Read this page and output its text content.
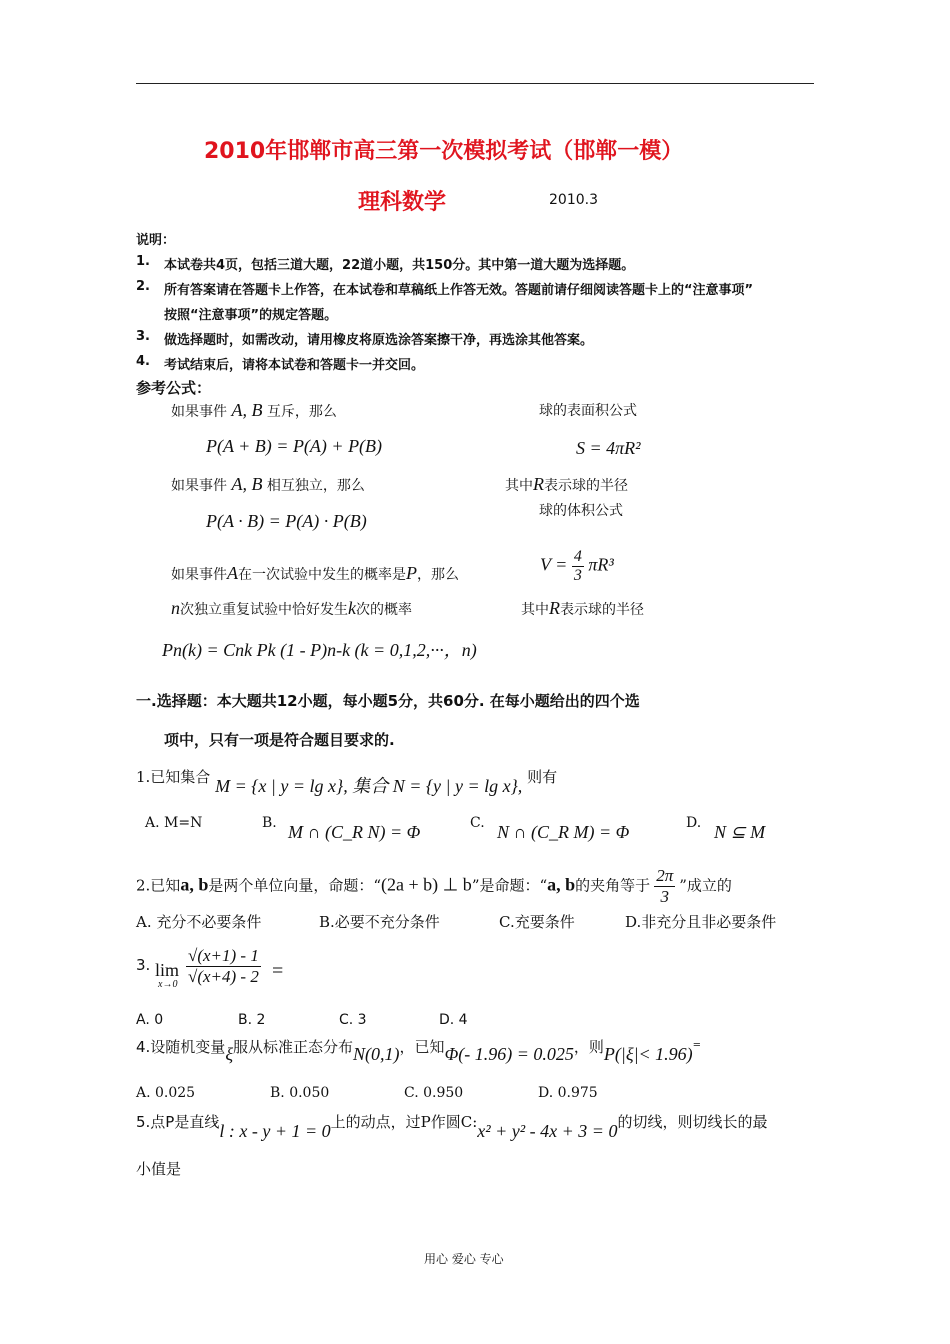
2010年邯郸市高三第一次模拟考试（邯郸一模）
理科数学	2010.3
说明：
1. 本试卷共4页，包括三道大题，22道小题，共150分。其中第一道大题为选择题。
2. 所有答案请在答题卡上作答，在本试卷和草稿纸上作答无效。答题前请仔细阅读答题卡上的“注意事项”
按照“注意事项”的规定答题。
3. 做选择题时，如需改动，请用橡皮将原选涂答案擦干净，再选涂其他答案。
4. 考试结束后，请将本试卷和答题卡一并交回。
参考公式：
如果事件 A, B 互斥，那么
P(A + B) = P(A) + P(B)
如果事件 A, B 相互独立，那么
P(A · B) = P(A) · P(B)
如果事件A在一次试验中发生的概率是P，那么
n次独立重复试验中恰好发生k次的概率
Pn(k) = Cnk Pk (1 - P)n-k (k = 0,1,2,···，n)
球的表面积公式
S = 4πR²
其中R表示球的半径
球的体积公式
$V = \frac{4}{3} \pi R^3$
其中R表示球的半径
一.选择题：本大题共12小题，每小题5分，共60分. 在每小题给出的四个选
项中，只有一项是符合题目要求的.
1.已知集合 M = {x | y = lg x}, 集合 N = {y | y = lg x}, 则有
A. M=N	B. M ∩ (C_R N) = Φ	C. N ∩ (C_R M) = Φ	D. N ⊆ M
2.已知a, b是两个单位向量，命题：“(2a + b) ⊥ b”是命题：“a, b的夹角等于 $\frac{2\pi}{3}$ ”成立的
A. 充分不必要条件	B.必要不充分条件	C.充要条件	D.非充分且非必要条件
3. lim
$x\to 0 \frac{√(x+1) - 1}{√(x+4) - 2}$ =
A. 0	B. 2	C. 3	D. 4
4.设随机变量ξ服从标准正态分布N(0,1)，已知Φ(- 1.96) = 0.025，则P(|ξ|< 1.96)=
A. 0.025	B. 0.050	C. 0.950	D. 0.975
5.点P是直线l : x - y + 1 = 0上的动点，过P作圆C:x² + y² - 4x + 3 = 0的切线，则切线长的最
小值是
用心 爱心 专心
